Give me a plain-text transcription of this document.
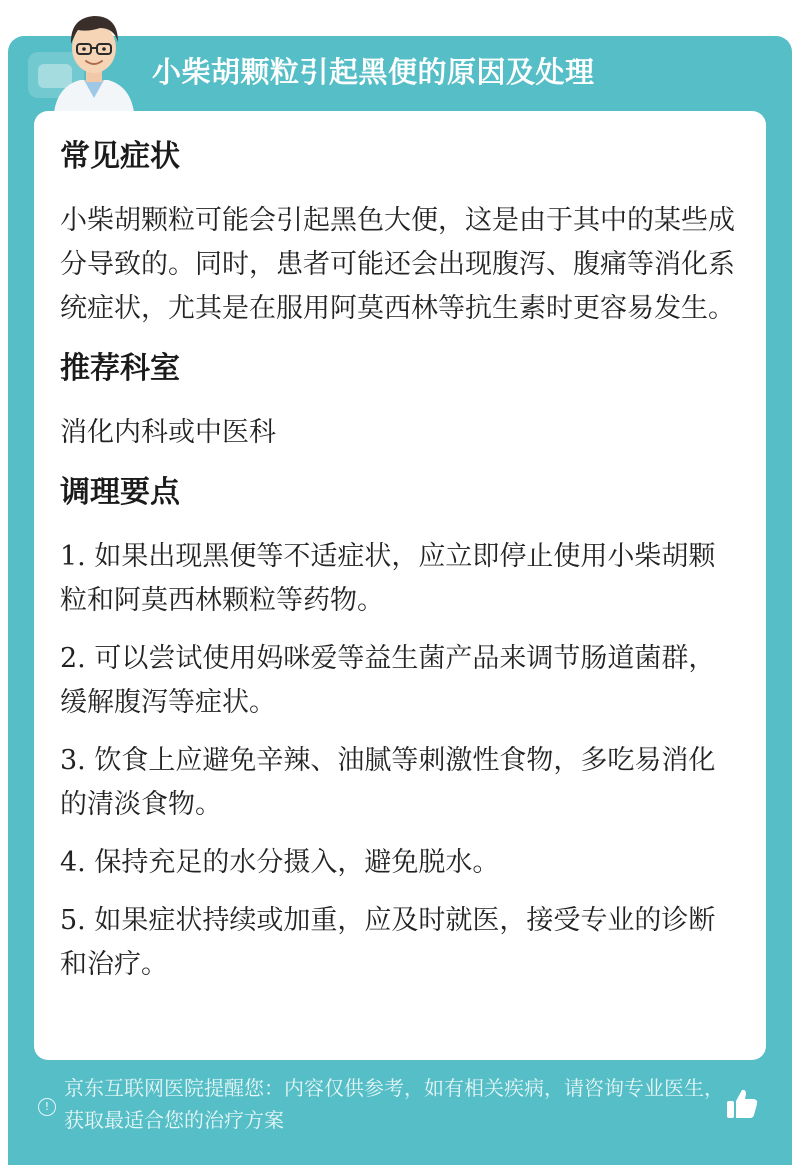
小柴胡颗粒引起黑便的原因及处理
常见症状
小柴胡颗粒可能会引起黑色大便，这是由于其中的某些成分导致的。同时，患者可能还会出现腹泻、腹痛等消化系统症状，尤其是在服用阿莫西林等抗生素时更容易发生。
推荐科室
消化内科或中医科
调理要点
1. 如果出现黑便等不适症状，应立即停止使用小柴胡颗粒和阿莫西林颗粒等药物。
2. 可以尝试使用妈咪爱等益生菌产品来调节肠道菌群，缓解腹泻等症状。
3. 饮食上应避免辛辣、油腻等刺激性食物，多吃易消化的清淡食物。
4. 保持充足的水分摄入，避免脱水。
5. 如果症状持续或加重，应及时就医，接受专业的诊断和治疗。
!
京东互联网医院提醒您：内容仅供参考，如有相关疾病，请咨询专业医生，获取最适合您的治疗方案
